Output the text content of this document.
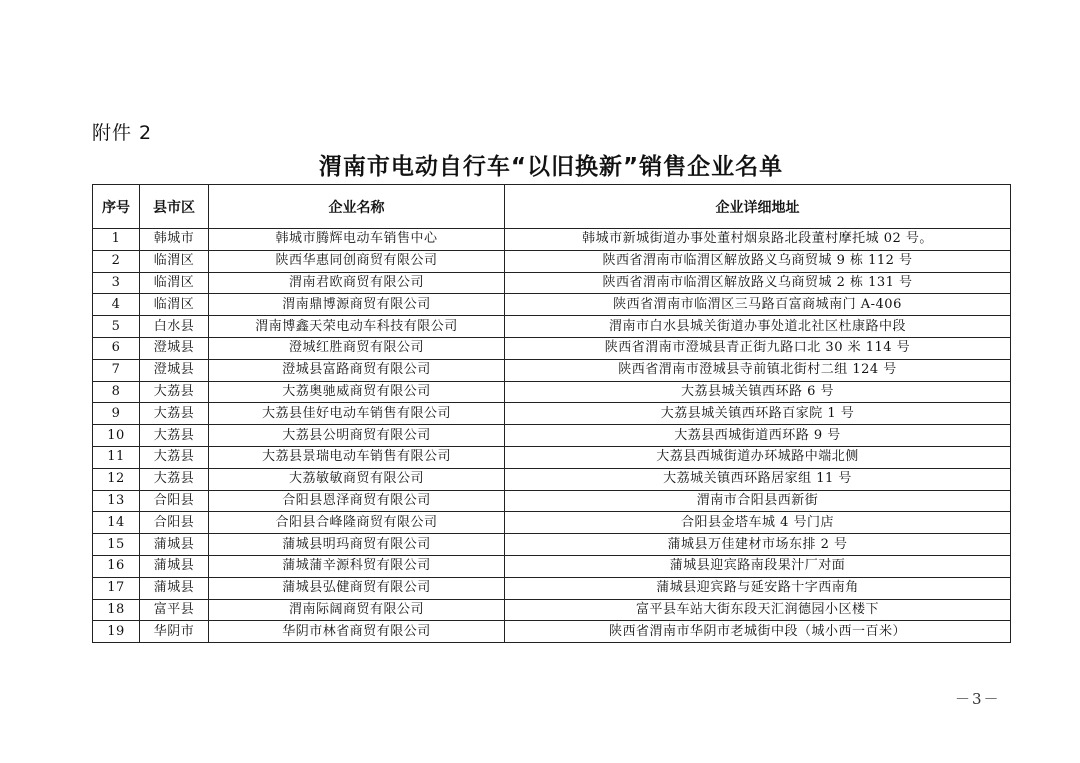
附件 2
渭南市电动自行车“以旧换新”销售企业名单
序号	县市区	企业名称	企业详细地址
1	韩城市	韩城市腾辉电动车销售中心	韩城市新城街道办事处董村烟泉路北段董村摩托城 02 号。
2	临渭区	陕西华惠同创商贸有限公司	陕西省渭南市临渭区解放路义乌商贸城 9 栋 112 号
3	临渭区	渭南君欧商贸有限公司	陕西省渭南市临渭区解放路义乌商贸城 2 栋 131 号
4	临渭区	渭南鼎博源商贸有限公司	陕西省渭南市临渭区三马路百富商城南门 A-406
5	白水县	渭南博鑫天荣电动车科技有限公司	渭南市白水县城关街道办事处道北社区杜康路中段
6	澄城县	澄城红胜商贸有限公司	陕西省渭南市澄城县青正街九路口北 30 米 114 号
7	澄城县	澄城县富路商贸有限公司	陕西省渭南市澄城县寺前镇北街村二组 124 号
8	大荔县	大荔奥驰威商贸有限公司	大荔县城关镇西环路 6 号
9	大荔县	大荔县佳好电动车销售有限公司	大荔县城关镇西环路百家院 1 号
10	大荔县	大荔县公明商贸有限公司	大荔县西城街道西环路 9 号
11	大荔县	大荔县景瑞电动车销售有限公司	大荔县西城街道办环城路中端北侧
12	大荔县	大荔敏敏商贸有限公司	大荔城关镇西环路居家组 11 号
13	合阳县	合阳县恩泽商贸有限公司	渭南市合阳县西新街
14	合阳县	合阳县合峰隆商贸有限公司	合阳县金塔车城 4 号门店
15	蒲城县	蒲城县明玛商贸有限公司	蒲城县万佳建材市场东排 2 号
16	蒲城县	蒲城蒲辛源科贸有限公司	蒲城县迎宾路南段果汁厂对面
17	蒲城县	蒲城县弘健商贸有限公司	蒲城县迎宾路与延安路十字西南角
18	富平县	渭南际阔商贸有限公司	富平县车站大街东段天汇润德园小区楼下
19	华阴市	华阴市林省商贸有限公司	陕西省渭南市华阴市老城街中段（城小西一百米）
－3－
